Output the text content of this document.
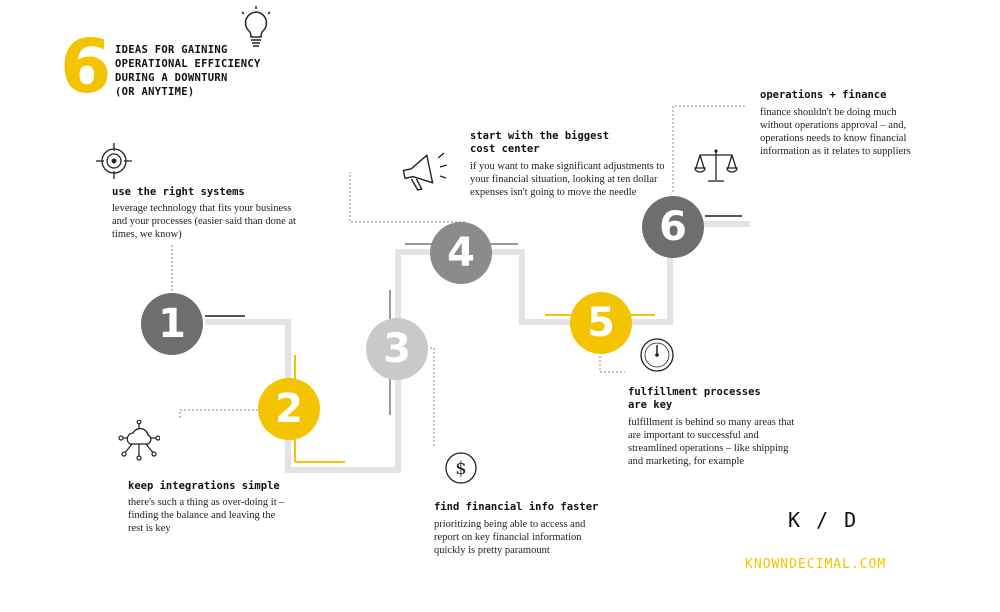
6 IDEAS FOR GAINING
OPERATIONAL EFFICIENCY
DURING A DOWNTURN
(OR ANYTIME)
use the right systems
leverage technology that fits your business and your processes (easier said than done at times, we know)
1
2
keep integrations simple
there's such a thing as over-doing it – finding the balance and leaving the rest is key
3
$
find financial info faster
prioritizing being able to access and report on key financial information quickly is pretty paramount
4
start with the biggest
cost center
if you want to make significant adjustments to your financial situation, looking at ten dollar expenses isn't going to move the needle
5
fulfillment processes
are key
fulfillment is behind so many areas that are important to successful and streamlined operations – like shipping and marketing, for example
6
operations + finance
finance shouldn't be doing much without operations approval – and, operations needs to know financial information as it relates to suppliers
K / D
KNOWNDECIMAL.COM
